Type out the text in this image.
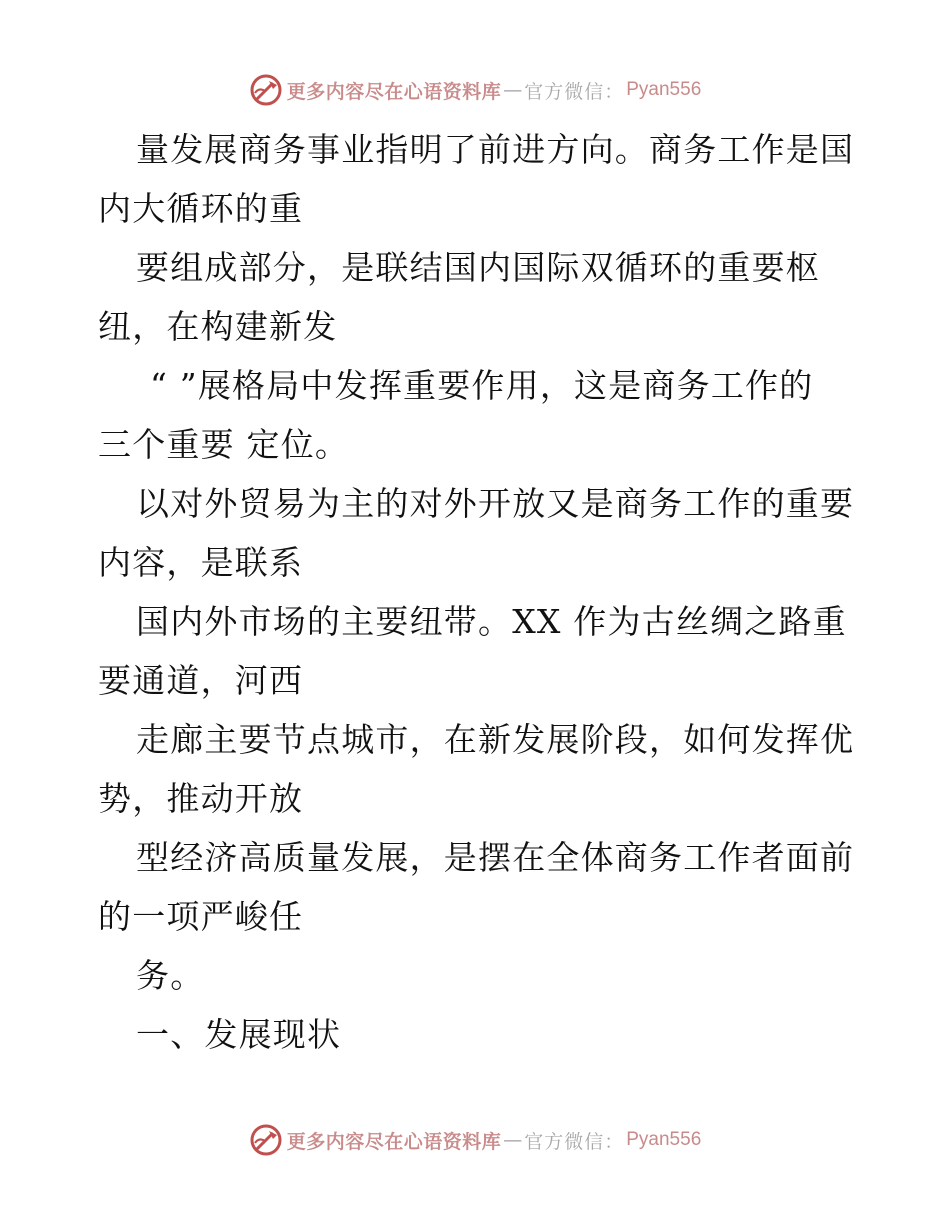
更多内容尽在心语资料库 — 官方微信： Pyan556
量发展商务事业指明了前进方向。商务工作是国
内大循环的重
要组成部分，是联结国内国际双循环的重要枢
纽，在构建新发
“ ”展格局中发挥重要作用，这是商务工作的
三个重要 定位。
以对外贸易为主的对外开放又是商务工作的重要
内容，是联系
国内外市场的主要纽带。XX 作为古丝绸之路重
要通道，河西
走廊主要节点城市，在新发展阶段，如何发挥优
势，推动开放
型经济高质量发展，是摆在全体商务工作者面前
的一项严峻任
务。
一、发展现状
更多内容尽在心语资料库 — 官方微信： Pyan556
